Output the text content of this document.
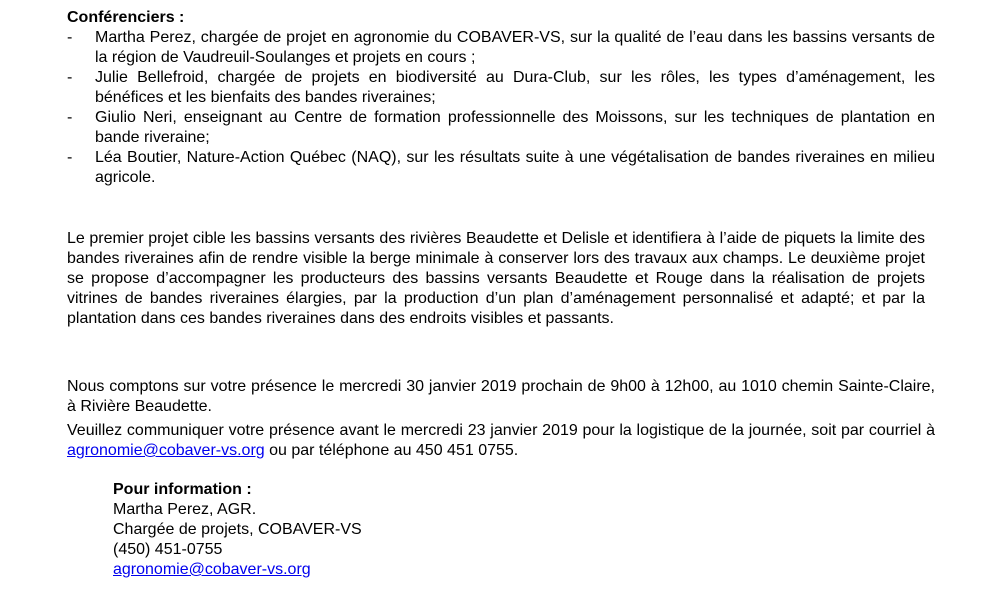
Conférenciers :
- Martha Perez, chargée de projet en agronomie du COBAVER-VS, sur la qualité de l’eau dans les bassins versants de la région de Vaudreuil-Soulanges et projets en cours ;
- Julie Bellefroid, chargée de projets en biodiversité au Dura-Club, sur les rôles, les types d’aménagement, les bénéfices et les bienfaits des bandes riveraines;
- Giulio Neri, enseignant au Centre de formation professionnelle des Moissons, sur les techniques de plantation en bande riveraine;
- Léa Boutier, Nature-Action Québec (NAQ), sur les résultats suite à une végétalisation de bandes riveraines en milieu agricole.

Le premier projet cible les bassins versants des rivières Beaudette et Delisle et identifiera à l’aide de piquets la limite des bandes riveraines afin de rendre visible la berge minimale à conserver lors des travaux aux champs. Le deuxième projet se propose d’accompagner les producteurs des bassins versants Beaudette et Rouge dans la réalisation de projets vitrines de bandes riveraines élargies, par la production d’un plan d’aménagement personnalisé et adapté; et par la plantation dans ces bandes riveraines dans des endroits visibles et passants.

Nous comptons sur votre présence le mercredi 30 janvier 2019 prochain de 9h00 à 12h00, au 1010 chemin Sainte-Claire, à Rivière Beaudette.

Veuillez communiquer votre présence avant le mercredi 23 janvier 2019 pour la logistique de la journée, soit par courriel à agronomie@cobaver-vs.org ou par téléphone au 450 451 0755.

Pour information :
Martha Perez, AGR.
Chargée de projets, COBAVER-VS
(450) 451-0755
agronomie@cobaver-vs.org
